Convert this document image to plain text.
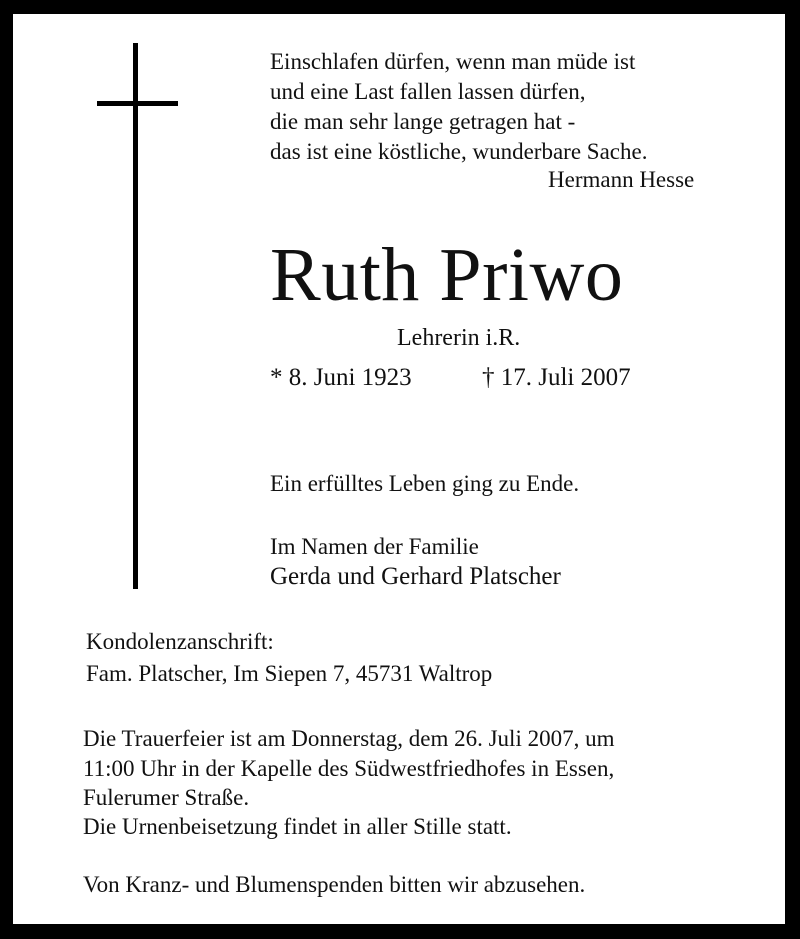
Einschlafen dürfen, wenn man müde ist
und eine Last fallen lassen dürfen,
die man sehr lange getragen hat -
das ist eine köstliche, wunderbare Sache.
Hermann Hesse
Ruth Priwo
Lehrerin i.R.
* 8. Juni 1923	† 17. Juli 2007
Ein erfülltes Leben ging zu Ende.
Im Namen der Familie
Gerda und Gerhard Platscher
Kondolenzanschrift:
Fam. Platscher, Im Siepen 7, 45731 Waltrop
Die Trauerfeier ist am Donnerstag, dem 26. Juli 2007, um
11:00 Uhr in der Kapelle des Südwestfriedhofes in Essen,
Fulerumer Straße.
Die Urnenbeisetzung findet in aller Stille statt.
Von Kranz- und Blumenspenden bitten wir abzusehen.
